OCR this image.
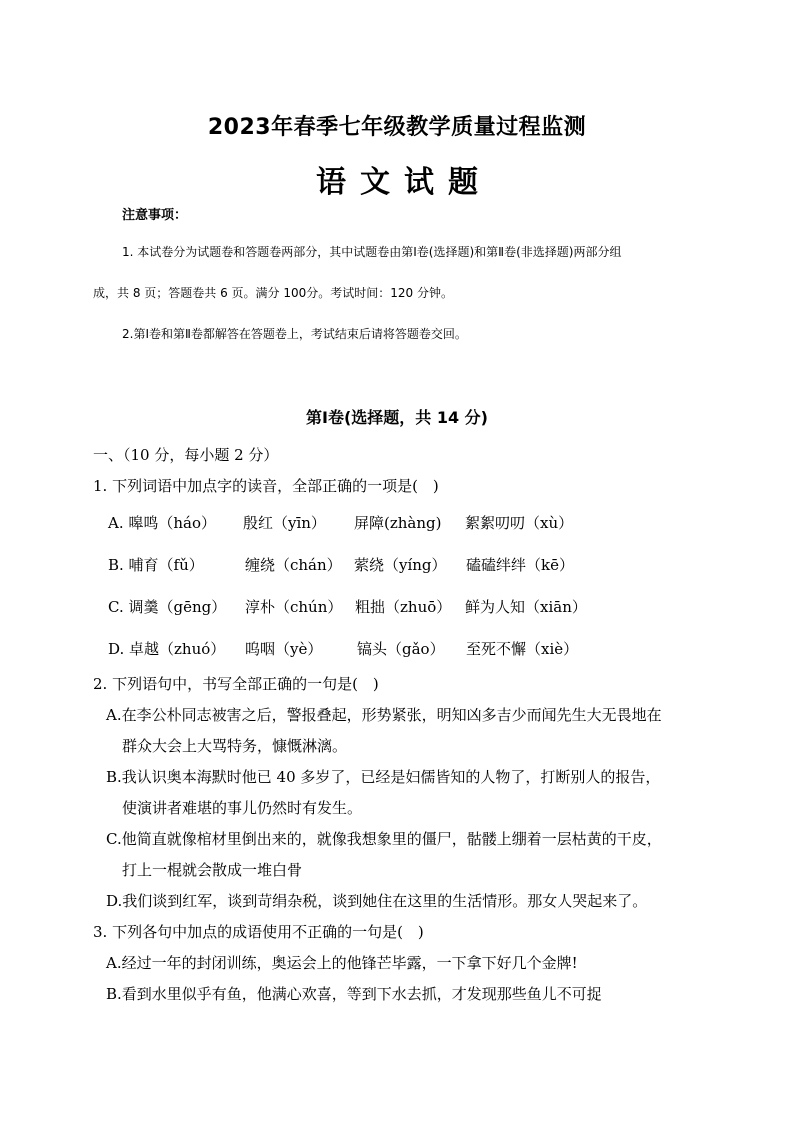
2023年春季七年级教学质量过程监测
语文试题
注意事项：
1. 本试卷分为试题卷和答题卷两部分，其中试题卷由第Ⅰ卷(选择题)和第Ⅱ卷(非选择题)两部分组
成，共 8 页；答题卷共 6 页。满分 100分。考试时间：120 分钟。
2.第Ⅰ卷和第Ⅱ卷都解答在答题卷上，考试结束后请将答题卷交回。
第Ⅰ卷(选择题，共 14 分)
一、（10 分，每小题 2 分）
1. 下列词语中加点字的读音，全部正确的一项是(　)
A. 嗥鸣（háo） 殷红（yīn） 屏障(zhàng) 絮絮叨叨（xù）
B. 哺育（fǔ）	缠绕（chán） 萦绕（yíng） 磕磕绊绊（kē）
C. 调羹（gēng） 淳朴（chún） 粗拙（zhuō） 鲜为人知（xiān）
D. 卓越（zhuó） 呜咽（yè） 镐头（gǎo） 至死不懈（xiè）
2. 下列语句中，书写全部正确的一句是(　)
A.在李公朴同志被害之后，警报叠起，形势紧张，明知凶多吉少而闻先生大无畏地在
群众大会上大骂特务，慷慨淋漓。
B.我认识奥本海默时他已 40 多岁了，已经是妇儒皆知的人物了，打断别人的报告，
使演讲者难堪的事儿仍然时有发生。
C.他简直就像棺材里倒出来的，就像我想象里的僵尸，骷髅上绷着一层枯黄的干皮，
打上一棍就会散成一堆白骨
D.我们谈到红军，谈到苛绢杂税，谈到她住在这里的生活情形。那女人哭起来了。
3. 下列各句中加点的成语使用不正确的一句是(　)
A.经过一年的封闭训练，奥运会上的他锋芒毕露，一下拿下好几个金牌!
B.看到水里似乎有鱼，他满心欢喜，等到下水去抓，才发现那些鱼儿不可捉
